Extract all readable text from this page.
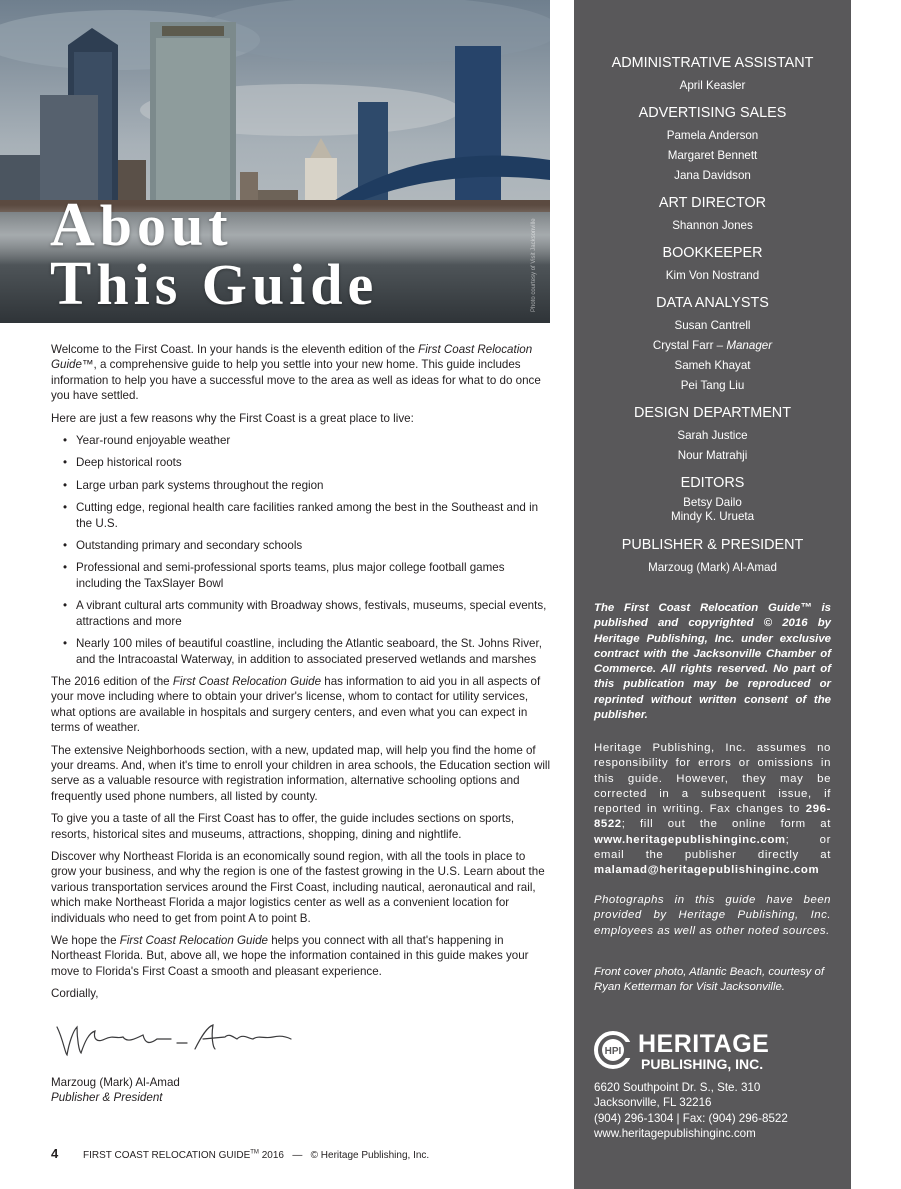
About
This Guide	Photo courtesy of Visit Jacksonville

Welcome to the First Coast. In your hands is the eleventh edition of the First Coast Relocation Guide™, a comprehensive guide to help you settle into your new home. This guide includes information to help you have a successful move to the area as well as ideas for what to do once you have settled.

Here are just a few reasons why the First Coast is a great place to live:

• Year-round enjoyable weather
• Deep historical roots
• Large urban park systems throughout the region
• Cutting edge, regional health care facilities ranked among the best in the Southeast and in the U.S.
• Outstanding primary and secondary schools
• Professional and semi-professional sports teams, plus major college football games including the TaxSlayer Bowl
• A vibrant cultural arts community with Broadway shows, festivals, museums, special events, attractions and more
• Nearly 100 miles of beautiful coastline, including the Atlantic seaboard, the St. Johns River, and the Intracoastal Waterway, in addition to associated preserved wetlands and marshes

The 2016 edition of the First Coast Relocation Guide has information to aid you in all aspects of your move including where to obtain your driver's license, whom to contact for utility services, what options are available in hospitals and surgery centers, and even what you can expect in terms of weather.

The extensive Neighborhoods section, with a new, updated map, will help you find the home of your dreams. And, when it's time to enroll your children in area schools, the Education section will serve as a valuable resource with registration information, alternative schooling options and frequently used phone numbers, all listed by county.

To give you a taste of all the First Coast has to offer, the guide includes sections on sports, resorts, historical sites and museums, attractions, shopping, dining and nightlife.

Discover why Northeast Florida is an economically sound region, with all the tools in place to grow your business, and why the region is one of the fastest growing in the U.S. Learn about the various transportation services around the First Coast, including nautical, aeronautical and rail, which make Northeast Florida a major logistics center as well as a convenient location for individuals who need to get from point A to point B.

We hope the First Coast Relocation Guide helps you connect with all that's happening in Northeast Florida. But, above all, we hope the information contained in this guide makes your move to Florida's First Coast a smooth and pleasant experience.

Cordially,

Marzoug (Mark) Al-Amad
Publisher & President
4 FIRST COAST RELOCATION GUIDE™ 2016 — © Heritage Publishing, Inc.
ADMINISTRATIVE ASSISTANT
April Keasler
ADVERTISING SALES
Pamela Anderson
Margaret Bennett
Jana Davidson
ART DIRECTOR
Shannon Jones
BOOKKEEPER
Kim Von Nostrand
DATA ANALYSTS
Susan Cantrell
Crystal Farr – Manager
Sameh Khayat
Pei Tang Liu
DESIGN DEPARTMENT
Sarah Justice
Nour Matrahji
EDITORS
Betsy Dailo
Mindy K. Urueta
PUBLISHER & PRESIDENT
Marzoug (Mark) Al-Amad
The First Coast Relocation Guide™ is published and copyrighted © 2016 by Heritage Publishing, Inc. under exclusive contract with the Jacksonville Chamber of Commerce. All rights reserved. No part of this publication may be reproduced or reprinted without written consent of the publisher.
Heritage Publishing, Inc. assumes no responsibility for errors or omissions in this guide. However, they may be corrected in a subsequent issue, if reported in writing. Fax changes to 296-8522; fill out the online form at www.heritagepublishinginc.com; or email the publisher directly at malamad@heritagepublishinginc.com
Photographs in this guide have been provided by Heritage Publishing, Inc. employees as well as other noted sources.
Front cover photo, Atlantic Beach, courtesy of Ryan Ketterman for Visit Jacksonville.
HPI HERITAGE
PUBLISHING, INC.
6620 Southpoint Dr. S., Ste. 310
Jacksonville, FL 32216
(904) 296-1304 | Fax: (904) 296-8522
www.heritagepublishinginc.com
